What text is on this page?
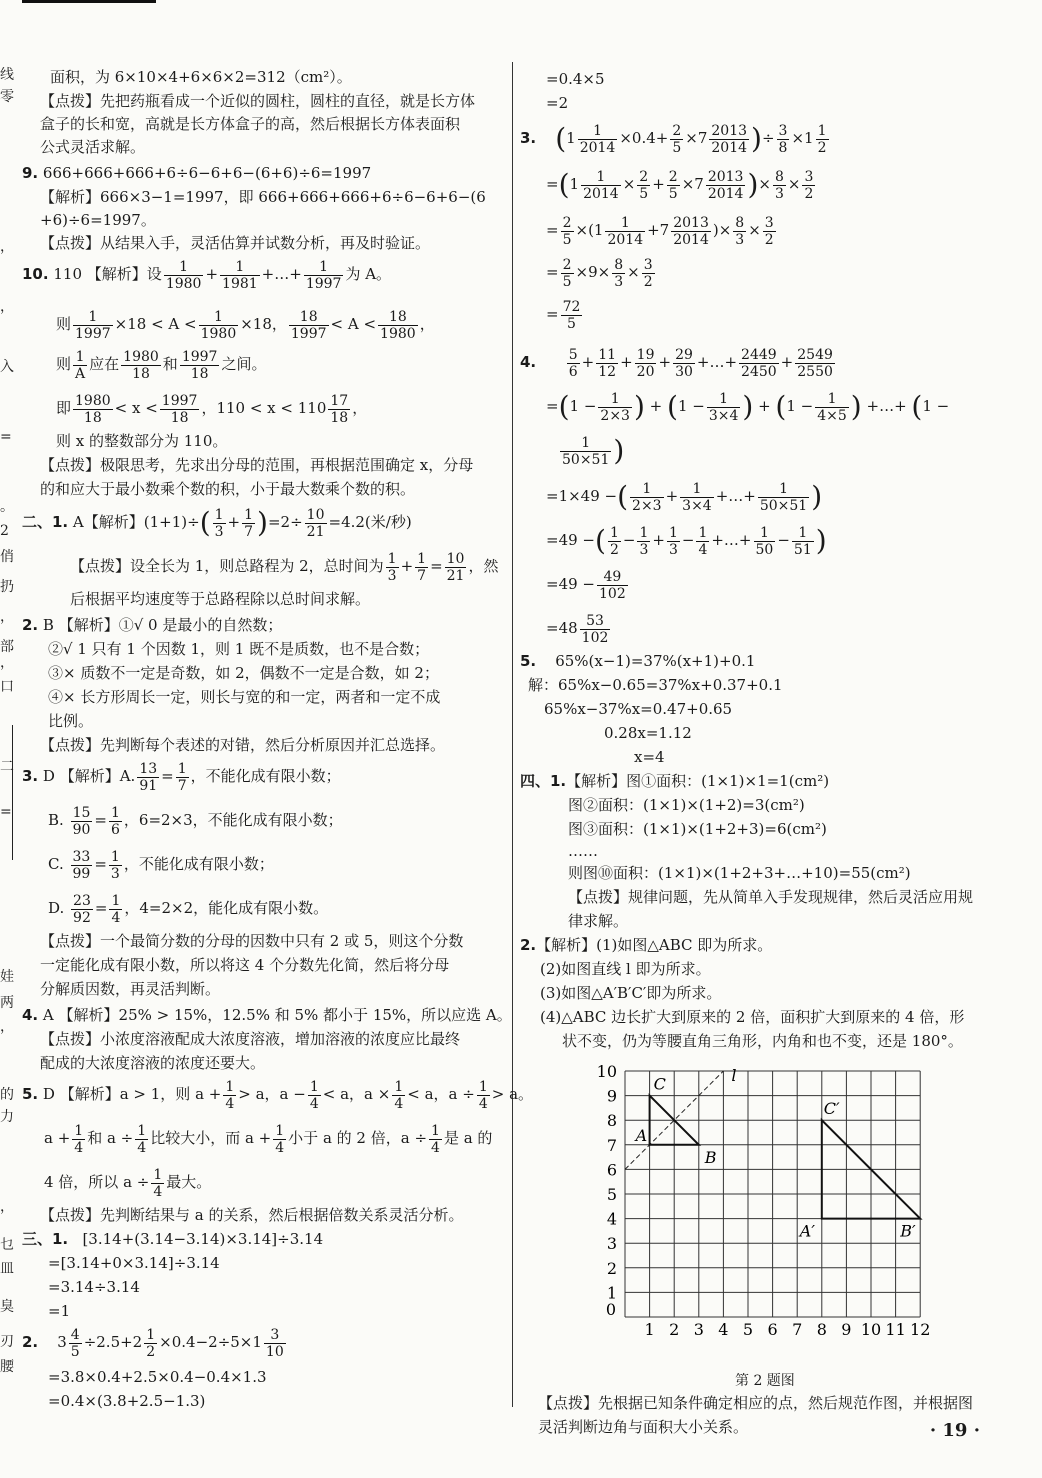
线
零
，
，
入
=
。
2
俏
扔
，
部
，
口
二
=
娃
两
，
的
力
，
乜
皿
臭
刃
腰
面积，为 6×10×4+6×6×2=312（cm²）。
【点拨】先把药瓶看成一个近似的圆柱，圆柱的直径，就是长方体
盒子的长和宽，高就是长方体盒子的高，然后根据长方体表面积
公式灵活求解。
9. 666+666+666+6÷6−6+6−(6+6)÷6=1997
【解析】666×3−1=1997，即 666+666+666+6÷6−6+6−(6
+6)÷6=1997。
【点拨】从结果入手，灵活估算并试数分析，再及时验证。
10. 110 【解析】设 $\frac{1}{1980} + \frac{1}{1981}$ +…+ $\frac{1}{1997}$ 为 A。
则 $\frac{1}{1997} \times 18 < A < \frac{1}{1980} \times 18$， $\frac{18}{1997} < A < \frac{18}{1980}$ ，
则 $\frac{1}{A}$ 应在 $\frac{1980}{18}$ 和 $\frac{1997}{18}$ 之间。
即 $\frac{1980}{18} < x < \frac{1997}{18}$ ，$110 < x < 110 \frac{17}{18}$ ，
则 x 的整数部分为 110。
【点拨】极限思考，先求出分母的范围，再根据范围确定 x，分母
的和应大于最小数乘个数的积，小于最大数乘个数的积。
二、1. A【解析】$(1+1)\div( \frac{1}{3} + \frac{1}{7} )=2\div \frac{10}{21} =4.2$(米/秒)
【点拨】设全长为 1，则总路程为 2，总时间为 $\frac{1}{3} + \frac{1}{7} = \frac{10}{21}$ ，然
后根据平均速度等于总路程除以总时间求解。
2. B 【解析】①√ 0 是最小的自然数；
②√ 1 只有 1 个因数 1，则 1 既不是质数，也不是合数；
③× 质数不一定是奇数，如 2，偶数不一定是合数，如 2；
④× 长方形周长一定，则长与宽的和一定，两者和一定不成
比例。
【点拨】先判断每个表述的对错，然后分析原因并汇总选择。
3. D 【解析】A. $\frac{13}{91} = \frac{1}{7}$ ，不能化成有限小数；
B. $\frac{15}{90} = \frac{1}{6}$ ，6=2×3，不能化成有限小数；
C. $\frac{33}{99} = \frac{1}{3}$ ，不能化成有限小数；
D. $\frac{23}{92} = \frac{1}{4}$ ，4=2×2，能化成有限小数。
【点拨】一个最简分数的分母的因数中只有 2 或 5，则这个分数
一定能化成有限小数，所以将这 4 个分数先化简，然后将分母
分解质因数，再灵活判断。
4. A 【解析】25% > 15%，12.5% 和 5% 都小于 15%，所以应选 A。
【点拨】小浓度溶液配成大浓度溶液，增加溶液的浓度应比最终
配成的大浓度溶液的浓度还要大。
5. D 【解析】a > 1，则 $a + \frac{1}{4} > a$，$a - \frac{1}{4} < a$，$a \times \frac{1}{4} < a$，$a \div \frac{1}{4} > a$。
$a + \frac{1}{4}$ 和 $a \div \frac{1}{4}$ 比较大小，而 $a + \frac{1}{4}$ 小于 a 的 2 倍，$a \div \frac{1}{4}$ 是 a 的
4 倍，所以 $a \div \frac{1}{4}$ 最大。
【点拨】先判断结果与 a 的关系，然后根据倍数关系灵活分析。
三、1. [3.14+(3.14−3.14)×3.14]÷3.14
=[3.14+0×3.14]÷3.14
=3.14÷3.14
=1
2. $3 \frac{4}{5} \div 2.5+2 \frac{1}{2} \times 0.4-2\div 5\times 1 \frac{3}{10}$
=3.8×0.4+2.5×0.4−0.4×1.3
=0.4×(3.8+2.5−1.3)
=0.4×5
=2
3. ($1 \frac{1}{2014} \times 0.4+ \frac{2}{5} \times 7 \frac{2013}{2014}$ )÷ $\frac{3}{8} \times 1 \frac{1}{2}$
$=(1 \frac{1}{2014} \times \frac{2}{5} + \frac{2}{5} \times 7 \frac{2013}{2014}$ )× $\frac{8}{3} \times \frac{3}{2}$
= $\frac{2}{5} \times(1 \frac{1}{2014} +7 \frac{2013}{2014}$ )× $\frac{8}{3} \times \frac{3}{2}$
= $\frac{2}{5} \times 9\times \frac{8}{3} \times \frac{3}{2}$
= $\frac{72}{5}$
4. $\frac{5}{6} + \frac{11}{12} + \frac{19}{20} + \frac{29}{30}$ +…+ $\frac{2449}{2450} + \frac{2549}{2550}$
$=(1 - \frac{1}{2\times 3}$ ) + ($1 - \frac{1}{3\times 4}$ ) + ($1 - \frac{1}{4\times 5}$ ) +…+ (1 −
$\frac{1}{50\times 51}$ )
=1×49 −( $\frac{1}{2\times 3} + \frac{1}{3\times 4}$ +…+ $\frac{1}{50\times 51}$ )
=49 −( $\frac{1}{2} - \frac{1}{3} + \frac{1}{3} - \frac{1}{4}$ +…+ $\frac{1}{50} - \frac{1}{51}$ )
$=49 - \frac{49}{102}$
$=48 \frac{53}{102}$
5. 65%(x−1)=37%(x+1)+0.1
解：65%x−0.65=37%x+0.37+0.1
65%x−37%x=0.47+0.65
0.28x=1.12
x=4
四、1.【解析】图①面积：(1×1)×1=1(cm²)
图②面积：(1×1)×(1+2)=3(cm²)
图③面积：(1×1)×(1+2+3)=6(cm²)
……
则图⑩面积：(1×1)×(1+2+3+…+10)=55(cm²)
【点拨】规律问题，先从简单入手发现规律，然后灵活应用规
律求解。
2.【解析】(1)如图△ABC 即为所求。
(2)如图直线 l 即为所求。
(3)如图△A′B′C′即为所求。
(4)△ABC 边长扩大到原来的 2 倍，面积扩大到原来的 4 倍，形
状不变，仍为等腰直角三角形，内角和也不变，还是 180°。
0
1 2 3 4 5 6 7 8 9 10 11 12
1
2
3
4
5
6
7
8
9
10	l
A
B
C
A′	B′
C′
第 2 题图
【点拨】先根据已知条件确定相应的点，然后规范作图，并根据图
灵活判断边角与面积大小关系。	· 19 ·
